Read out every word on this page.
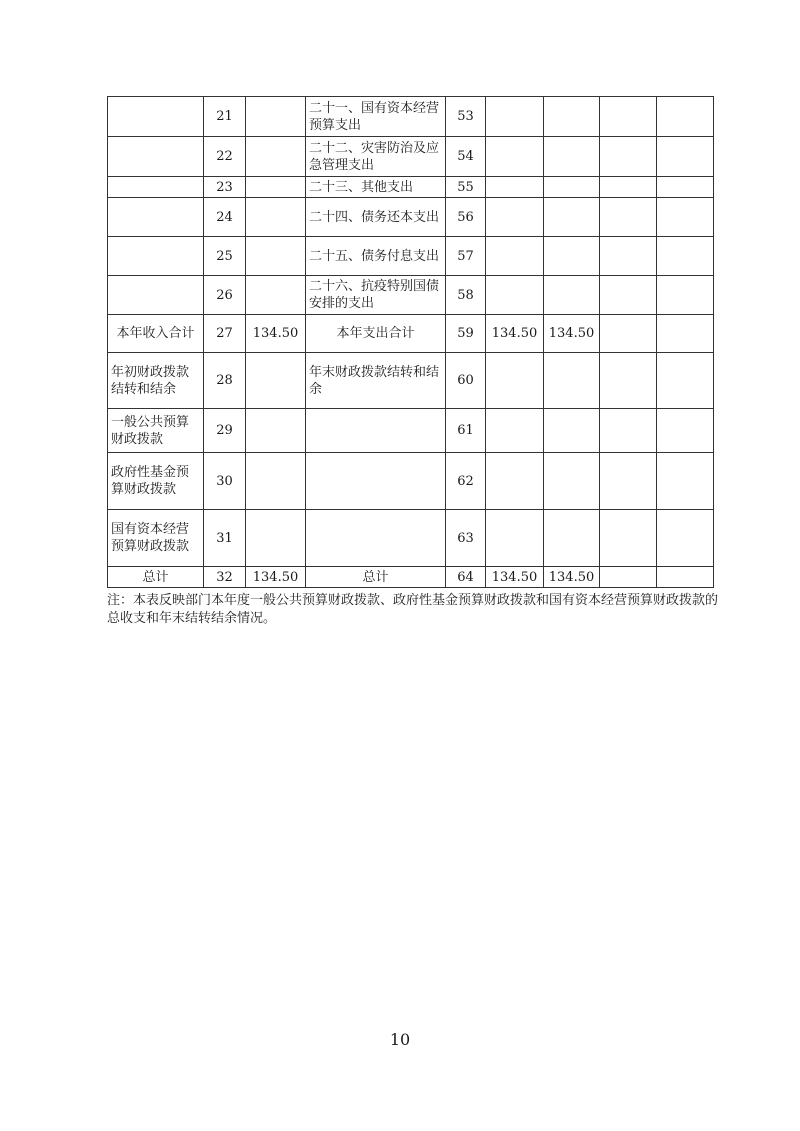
	21		二十一、国有资本经营预算支出	53				
	22		二十二、灾害防治及应急管理支出	54				
	23		二十三、其他支出	55				
	24		二十四、债务还本支出	56				
	25		二十五、债务付息支出	57				
	26		二十六、抗疫特别国债安排的支出	58				
本年收入合计	27	134.50	本年支出合计	59	134.50	134.50		
年初财政拨款结转和结余	28		年末财政拨款结转和结余	60				
一般公共预算财政拨款	29			61				
政府性基金预算财政拨款	30			62				
国有资本经营预算财政拨款	31			63				
总计	32	134.50	总计	64	134.50	134.50		
注：本表反映部门本年度一般公共预算财政拨款、政府性基金预算财政拨款和国有资本经营预算财政拨款的总收支和年末结转结余情况。
10
